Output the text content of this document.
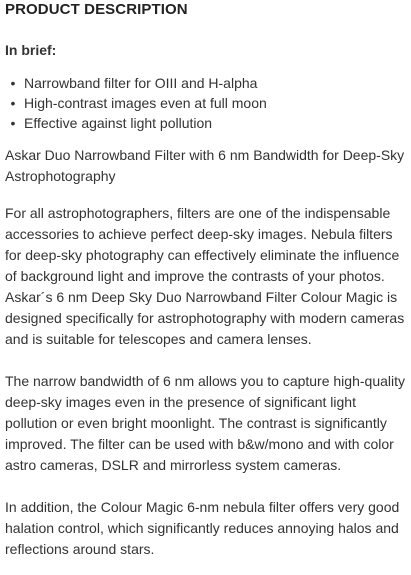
PRODUCT DESCRIPTION
In brief:
• Narrowband filter for OIII and H-alpha
• High-contrast images even at full moon
• Effective against light pollution

Askar Duo Narrowband Filter with 6 nm Bandwidth for Deep-Sky Astrophotography

For all astrophotographers, filters are one of the indispensable accessories to achieve perfect deep-sky images. Nebula filters for deep-sky photography can effectively eliminate the influence of background light and improve the contrasts of your photos. Askar´s 6 nm Deep Sky Duo Narrowband Filter Colour Magic is designed specifically for astrophotography with modern cameras and is suitable for telescopes and camera lenses.

The narrow bandwidth of 6 nm allows you to capture high-quality deep-sky images even in the presence of significant light pollution or even bright moonlight. The contrast is significantly improved. The filter can be used with b&w/mono and with color astro cameras, DSLR and mirrorless system cameras.

In addition, the Colour Magic 6-nm nebula filter offers very good halation control, which significantly reduces annoying halos and reflections around stars.
